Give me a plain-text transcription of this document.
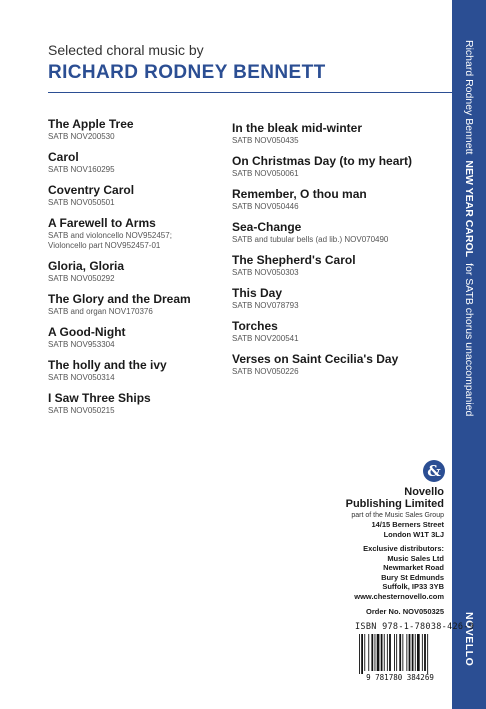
Richard Rodney BennettNEW YEAR CAROLfor SATB chorus unaccompanied
NOVELLO
Selected choral music by
RICHARD RODNEY BENNETT
The Apple Tree
SATB NOV200530
Carol
SATB NOV160295
Coventry Carol
SATB NOV050501
A Farewell to Arms
SATB and violoncello NOV952457;
Violoncello part NOV952457-01
Gloria, Gloria
SATB NOV050292
The Glory and the Dream
SATB and organ NOV170376
A Good-Night
SATB NOV953304
The holly and the ivy
SATB NOV050314
I Saw Three Ships
SATB NOV050215
In the bleak mid-winter
SATB NOV050435
On Christmas Day (to my heart)
SATB NOV050061
Remember, O thou man
SATB NOV050446
Sea-Change
SATB and tubular bells (ad lib.) NOV070490
The Shepherd's Carol
SATB NOV050303
This Day
SATB NOV078793
Torches
SATB NOV200541
Verses on Saint Cecilia's Day
SATB NOV050226
&
Novello
Publishing Limited
part of the Music Sales Group
14/15 Berners Street
London W1T 3LJ
Exclusive distributors:
Music Sales Ltd
Newmarket Road
Bury St Edmunds
Suffolk, IP33 3YB
www.chesternovello.com
Order No. NOV050325
ISBN 978-1-78038-426-9
9 781780 384269
